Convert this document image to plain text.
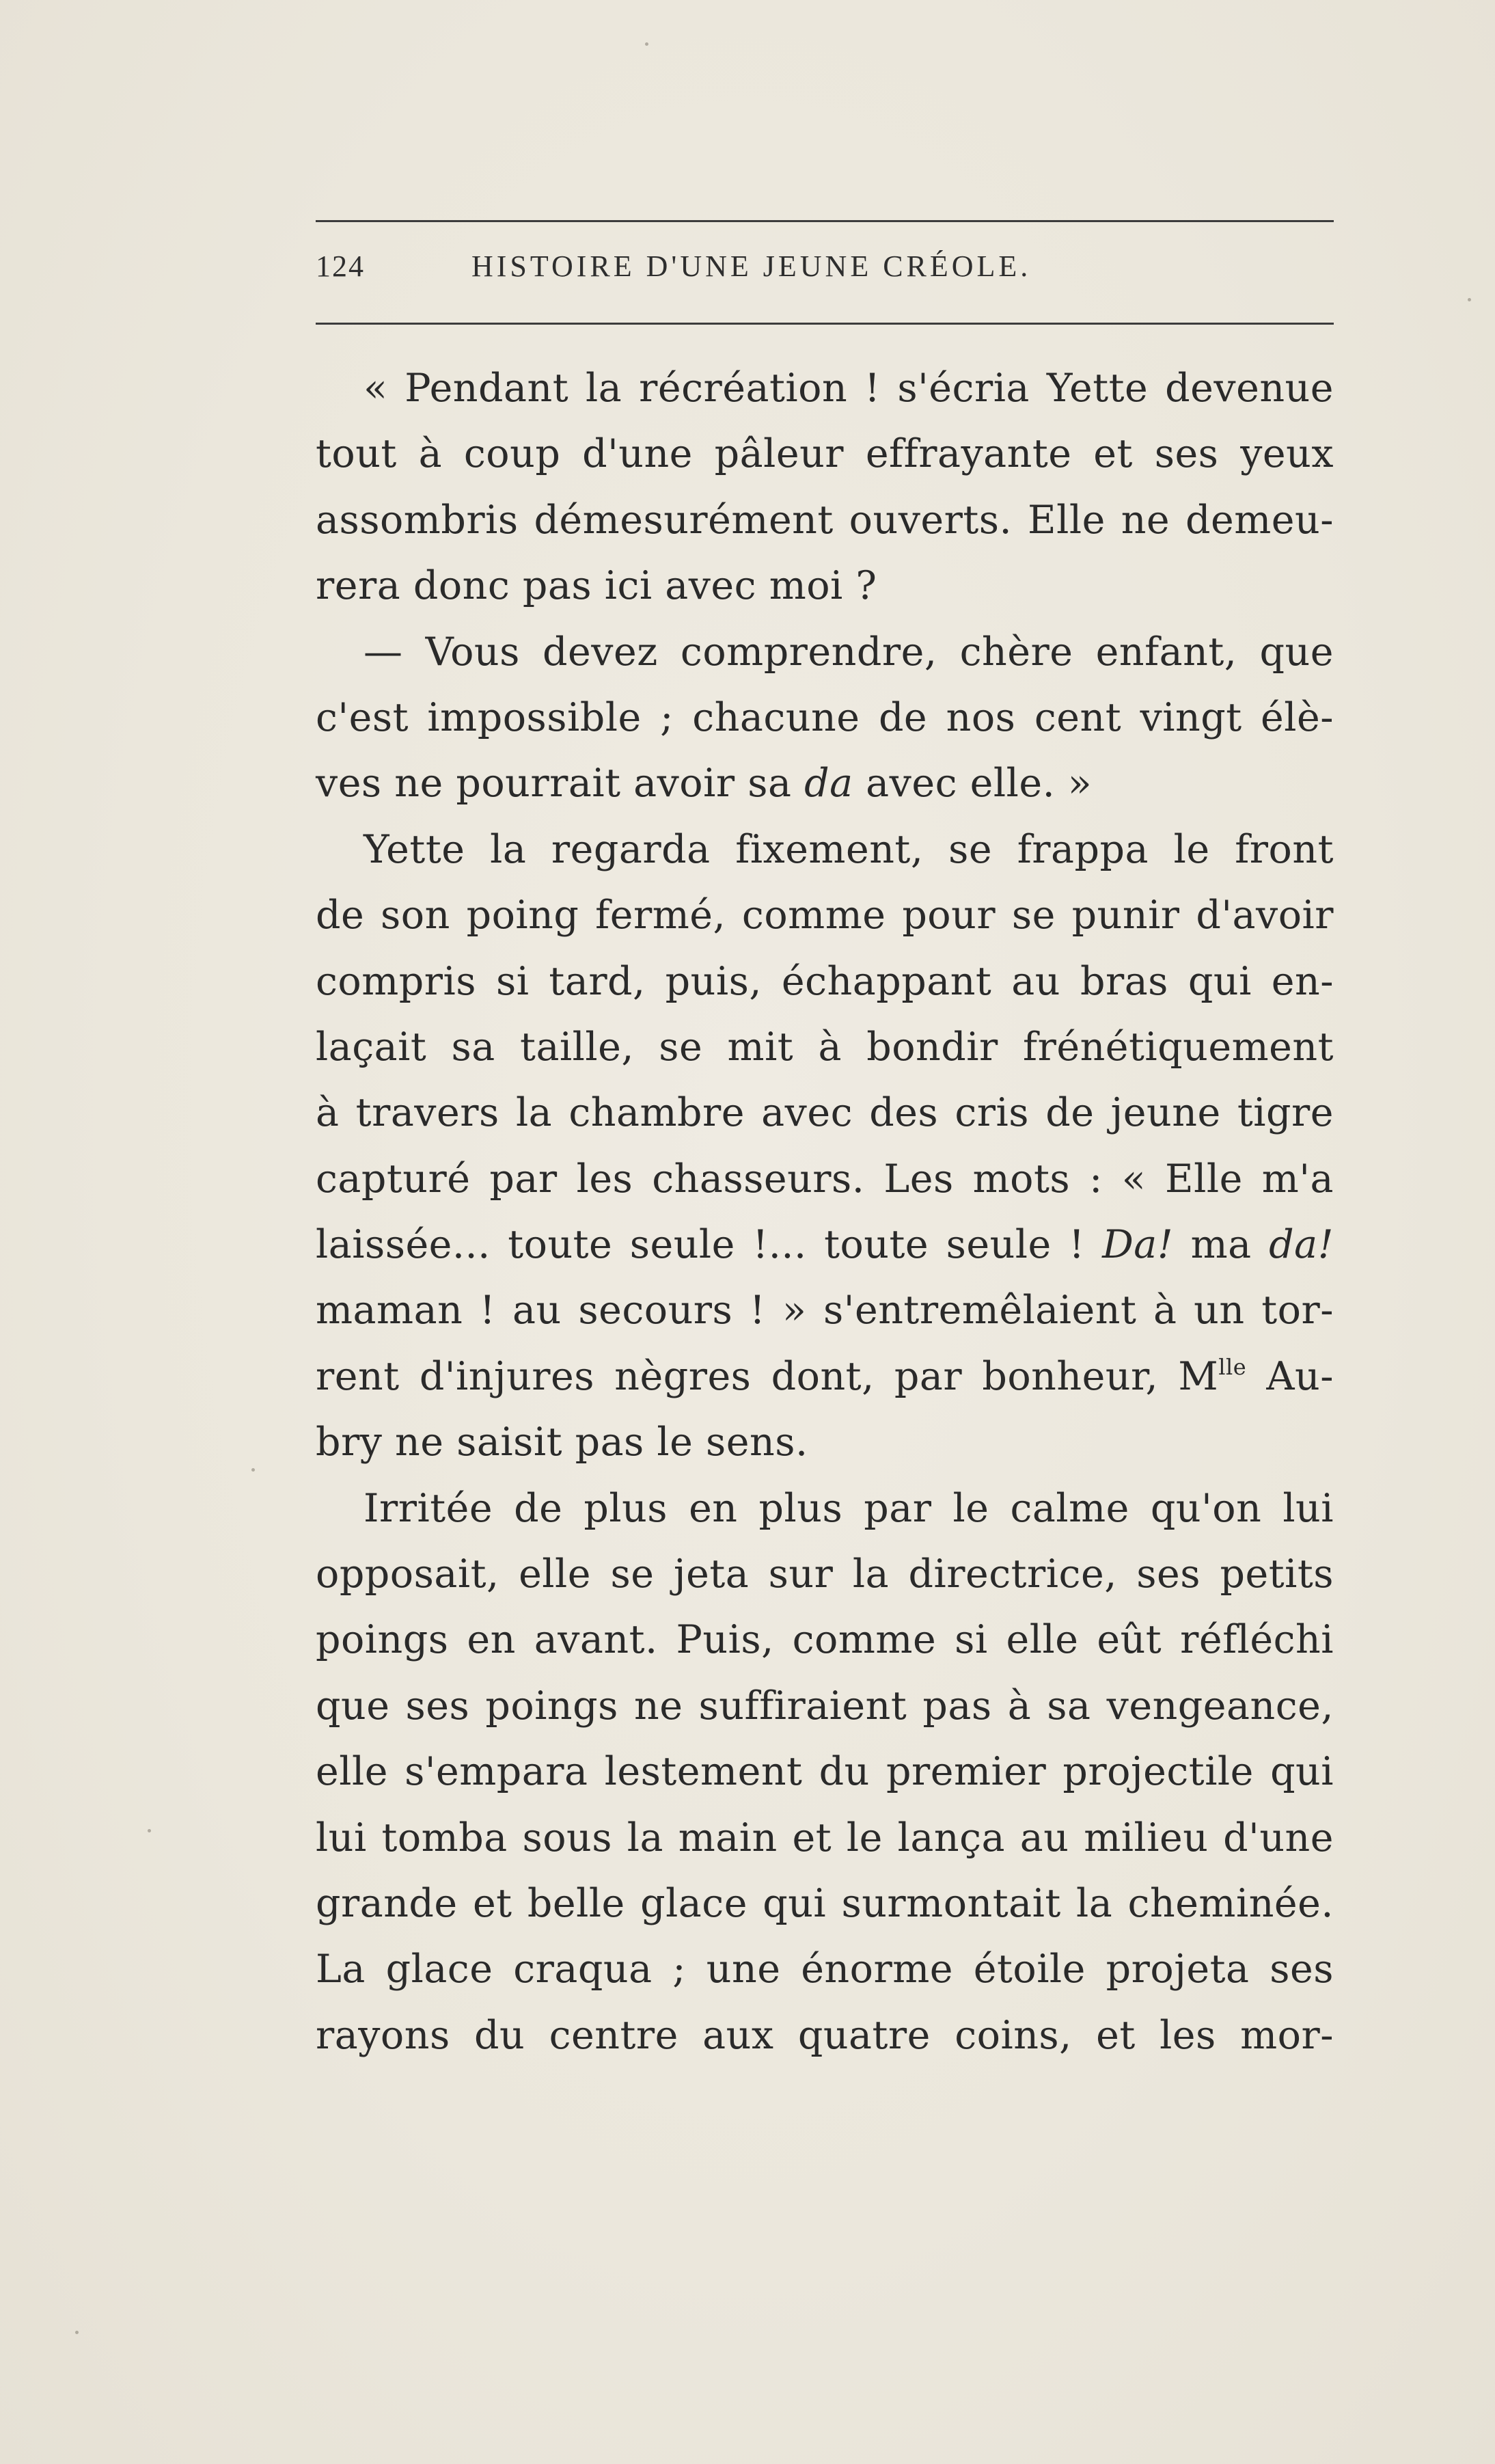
124	HISTOIRE D'UNE JEUNE CRÉOLE.
« Pendant la récréation ! s'écria Yette devenue
tout à coup d'une pâleur effrayante et ses yeux
assombris démesurément ouverts. Elle ne demeu-
rera donc pas ici avec moi ?
— Vous devez comprendre, chère enfant, que
c'est impossible ; chacune de nos cent vingt élè-
ves ne pourrait avoir sa da avec elle. »
Yette la regarda fixement, se frappa le front
de son poing fermé, comme pour se punir d'avoir
compris si tard, puis, échappant au bras qui en-
laçait sa taille, se mit à bondir frénétiquement
à travers la chambre avec des cris de jeune tigre
capturé par les chasseurs. Les mots : « Elle m'a
laissée... toute seule !... toute seule ! Da! ma da!
maman ! au secours ! » s'entremêlaient à un tor-
rent d'injures nègres dont, par bonheur, $M^{lle}$ Au-
bry ne saisit pas le sens.
Irritée de plus en plus par le calme qu'on lui
opposait, elle se jeta sur la directrice, ses petits
poings en avant. Puis, comme si elle eût réfléchi
que ses poings ne suffiraient pas à sa vengeance,
elle s'empara lestement du premier projectile qui
lui tomba sous la main et le lança au milieu d'une
grande et belle glace qui surmontait la cheminée.
La glace craqua ; une énorme étoile projeta ses
rayons du centre aux quatre coins, et les mor-
